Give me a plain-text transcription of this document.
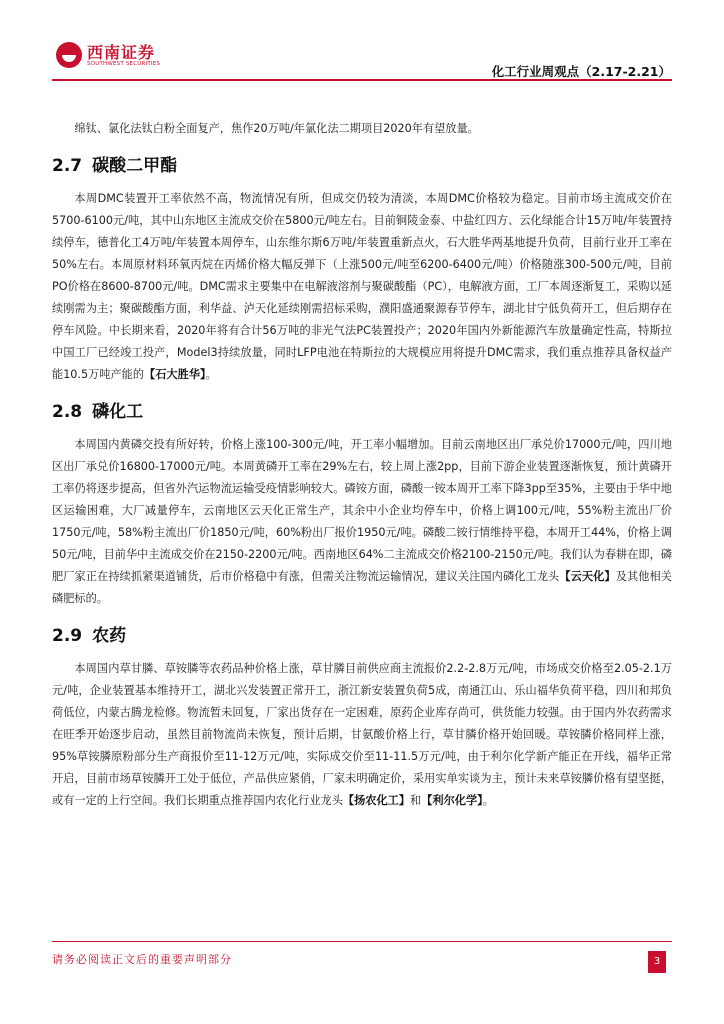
西南证券
SOUTHWEST SECURITIES	化工行业周观点（2.17-2.21）

绵钛、氯化法钛白粉全面复产，焦作20万吨/年氯化法二期项目2020年有望放量。

2.7 碳酸二甲酯

本周DMC装置开工率依然不高，物流情况有所，但成交仍较为清淡，本周DMC价格较为稳定。目前市场主流成交价在5700-6100元/吨，其中山东地区主流成交价在5800元/吨左右。目前铜陵金泰、中盐红四方、云化绿能合计15万吨/年装置持续停车，德普化工4万吨/年装置本周停车，山东维尔斯6万吨/年装置重新点火，石大胜华两基地提升负荷，目前行业开工率在50%左右。本周原材料环氧丙烷在丙烯价格大幅反弹下（上涨500元/吨至6200-6400元/吨）价格随涨300-500元/吨，目前PO价格在8600-8700元/吨。DMC需求主要集中在电解液溶剂与聚碳酸酯（PC），电解液方面，工厂本周逐渐复工，采购以延续刚需为主；聚碳酸酯方面，利华益、泸天化延续刚需招标采购，濮阳盛通聚源春节停车，湖北甘宁低负荷开工，但后期存在停车风险。中长期来看，2020年将有合计56万吨的非光气法PC装置投产；2020年国内外新能源汽车放量确定性高，特斯拉中国工厂已经竣工投产，Model3持续放量，同时LFP电池在特斯拉的大规模应用将提升DMC需求，我们重点推荐具备权益产能10.5万吨产能的【石大胜华】。

2.8 磷化工

本周国内黄磷交投有所好转，价格上涨100-300元/吨，开工率小幅增加。目前云南地区出厂承兑价17000元/吨，四川地区出厂承兑价16800-17000元/吨。本周黄磷开工率在29%左右，较上周上涨2pp，目前下游企业装置逐渐恢复，预计黄磷开工率仍将逐步提高，但省外汽运物流运输受疫情影响较大。磷铵方面，磷酸一铵本周开工率下降3pp至35%，主要由于华中地区运输困难，大厂减量停车，云南地区云天化正常生产，其余中小企业均停车中，价格上调100元/吨，55%粉主流出厂价1750元/吨，58%粉主流出厂价1850元/吨，60%粉出厂报价1950元/吨。磷酸二铵行情维持平稳，本周开工44%，价格上调50元/吨，目前华中主流成交价在2150-2200元/吨。西南地区64%二主流成交价格2100-2150元/吨。我们认为春耕在即，磷肥厂家正在持续抓紧渠道铺货，后市价格稳中有涨，但需关注物流运输情况，建议关注国内磷化工龙头【云天化】及其他相关磷肥标的。

2.9 农药

本周国内草甘膦、草铵膦等农药品种价格上涨，草甘膦目前供应商主流报价2.2-2.8万元/吨，市场成交价格至2.05-2.1万元/吨，企业装置基本维持开工，湖北兴发装置正常开工，浙江新安装置负荷5成，南通江山、乐山福华负荷平稳，四川和邦负荷低位，内蒙古腾龙检修。物流暂未回复，厂家出货存在一定困难，原药企业库存尚可，供货能力较强。由于国内外农药需求在旺季开始逐步启动，虽然目前物流尚未恢复，预计后期，甘氨酸价格上行，草甘膦价格开始回暖。草铵膦价格同样上涨，95%草铵膦原粉部分生产商报价至11-12万元/吨，实际成交价至11-11.5万元/吨，由于利尔化学新产能正在开线，福华正常开启，目前市场草铵膦开工处于低位，产品供应紧俏，厂家未明确定价，采用实单实谈为主，预计未来草铵膦价格有望坚挺，或有一定的上行空间。我们长期重点推荐国内农化行业龙头【扬农化工】和【利尔化学】。

请务必阅读正文后的重要声明部分	3
